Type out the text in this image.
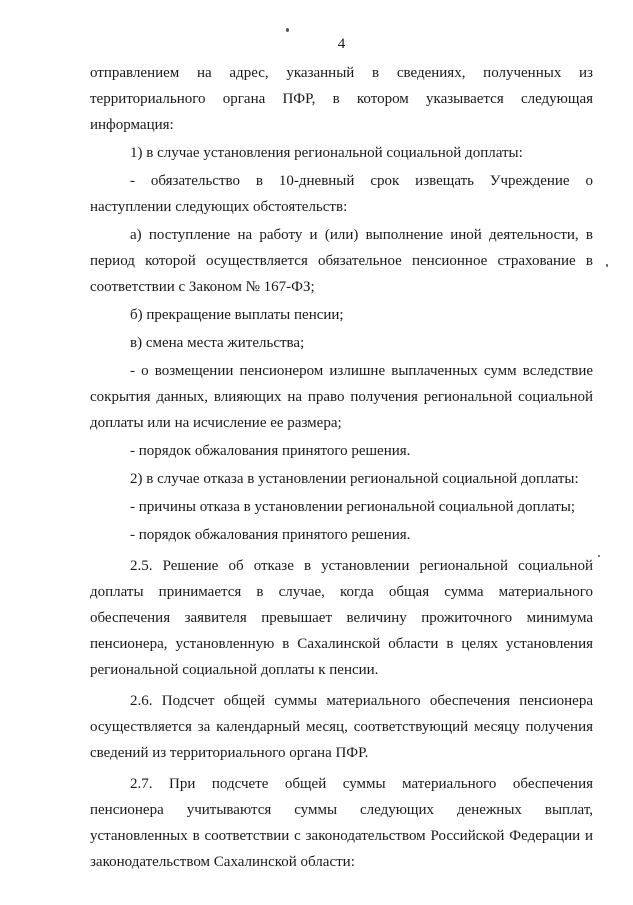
4

отправлением на адрес, указанный в сведениях, полученных из территориального органа ПФР, в котором указывается следующая информация:

1) в случае установления региональной социальной доплаты:

- обязательство в 10-дневный срок извещать Учреждение о наступлении следующих обстоятельств:

а) поступление на работу и (или) выполнение иной деятельности, в период которой осуществляется обязательное пенсионное страхование в соответствии с Законом № 167-ФЗ;

б) прекращение выплаты пенсии;

в) смена места жительства;

- о возмещении пенсионером излишне выплаченных сумм вследствие сокрытия данных, влияющих на право получения региональной социальной доплаты или на исчисление ее размера;

- порядок обжалования принятого решения.

2) в случае отказа в установлении региональной социальной доплаты:

- причины отказа в установлении региональной социальной доплаты;

- порядок обжалования принятого решения.

2.5. Решение об отказе в установлении региональной социальной доплаты принимается в случае, когда общая сумма материального обеспечения заявителя превышает величину прожиточного минимума пенсионера, установленную в Сахалинской области в целях установления региональной социальной доплаты к пенсии.

2.6. Подсчет общей суммы материального обеспечения пенсионера осуществляется за календарный месяц, соответствующий месяцу получения сведений из территориального органа ПФР.

2.7. При подсчете общей суммы материального обеспечения пенсионера учитываются суммы следующих денежных выплат, установленных в соответствии с законодательством Российской Федерации и законодательством Сахалинской области:
